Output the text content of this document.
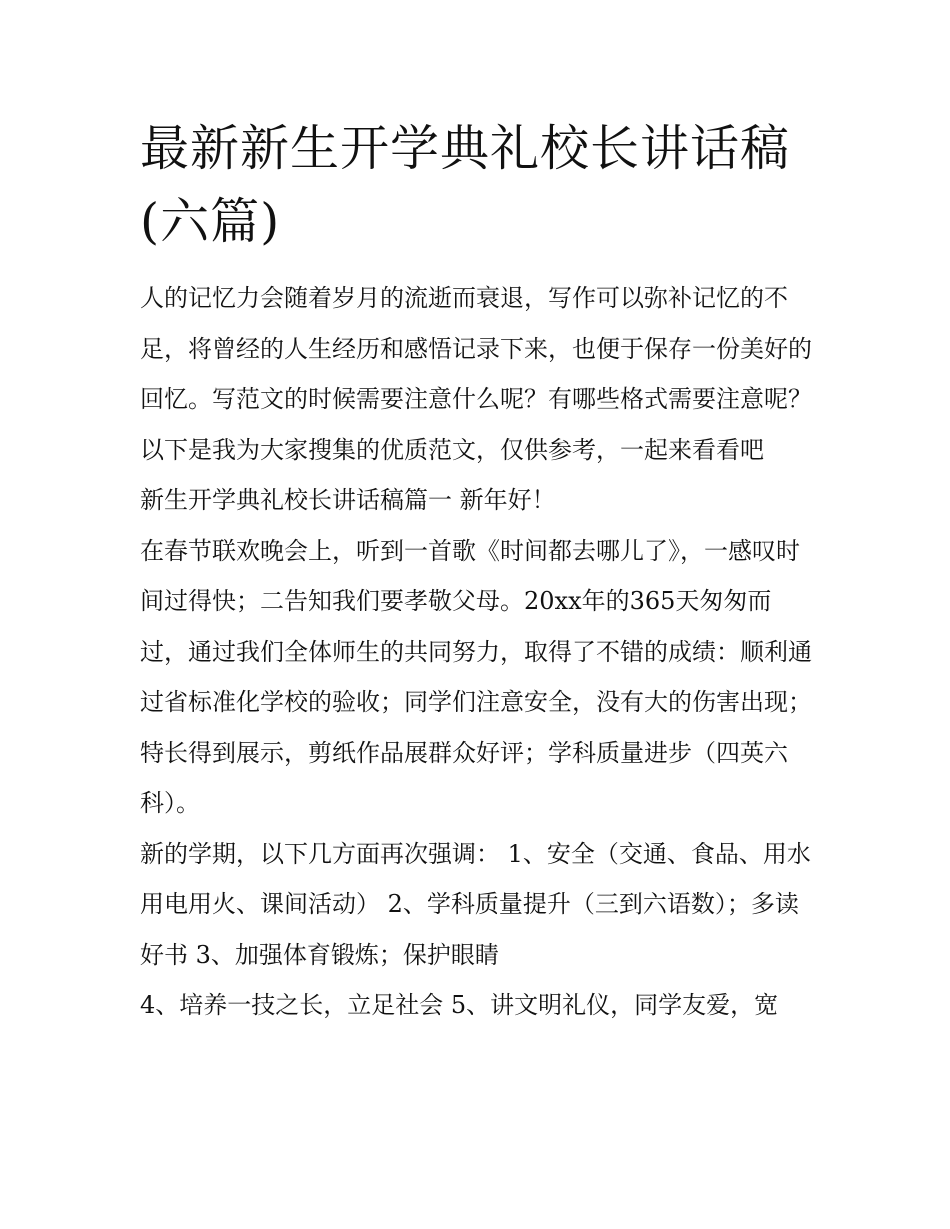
最新新生开学典礼校长讲话稿(六篇)

人的记忆力会随着岁月的流逝而衰退，写作可以弥补记忆的不足，将曾经的人生经历和感悟记录下来，也便于保存一份美好的回忆。写范文的时候需要注意什么呢？有哪些格式需要注意呢？以下是我为大家搜集的优质范文，仅供参考，一起来看看吧

新生开学典礼校长讲话稿篇一 新年好！

在春节联欢晚会上，听到一首歌《时间都去哪儿了》，一感叹时间过得快；二告知我们要孝敬父母。20xx年的365天匆匆而过，通过我们全体师生的共同努力，取得了不错的成绩：顺利通过省标准化学校的验收；同学们注意安全，没有大的伤害出现；特长得到展示，剪纸作品展群众好评；学科质量进步（四英六科）。

新的学期，以下几方面再次强调： 1、安全（交通、食品、用水用电用火、课间活动） 2、学科质量提升（三到六语数）；多读好书 3、加强体育锻炼；保护眼睛

4、培养一技之长，立足社会 5、讲文明礼仪，同学友爱，宽
